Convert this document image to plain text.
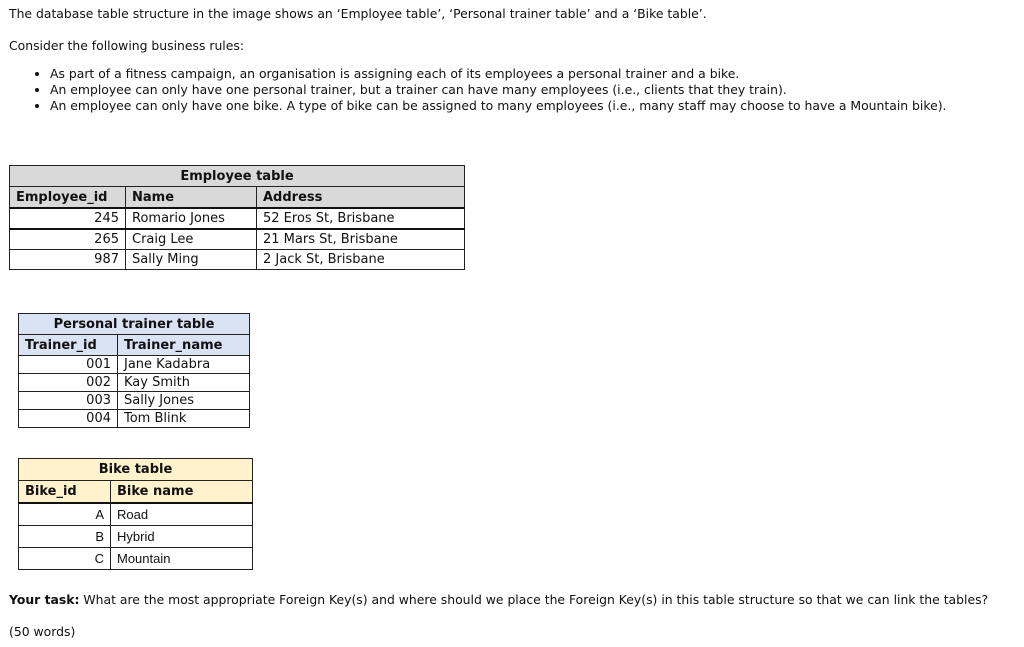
The database table structure in the image shows an ‘Employee table’, ‘Personal trainer table’ and a ‘Bike table’.
Consider the following business rules:
• As part of a fitness campaign, an organisation is assigning each of its employees a personal trainer and a bike.
• An employee can only have one personal trainer, but a trainer can have many employees (i.e., clients that they train).
• An employee can only have one bike. A type of bike can be assigned to many employees (i.e., many staff may choose to have a Mountain bike).
Employee table		
Employee_id	Name	Address
245	Romario Jones	52 Eros St, Brisbane
265	Craig Lee	21 Mars St, Brisbane
987	Sally Ming	2 Jack St, Brisbane
Personal trainer table	
Trainer_id	Trainer_name
001	Jane Kadabra
002	Kay Smith
003	Sally Jones
004	Tom Blink
Bike table	
Bike_id	Bike name
A	Road
B	Hybrid
C	Mountain
Your task: What are the most appropriate Foreign Key(s) and where should we place the Foreign Key(s) in this table structure so that we can link the tables?
(50 words)
